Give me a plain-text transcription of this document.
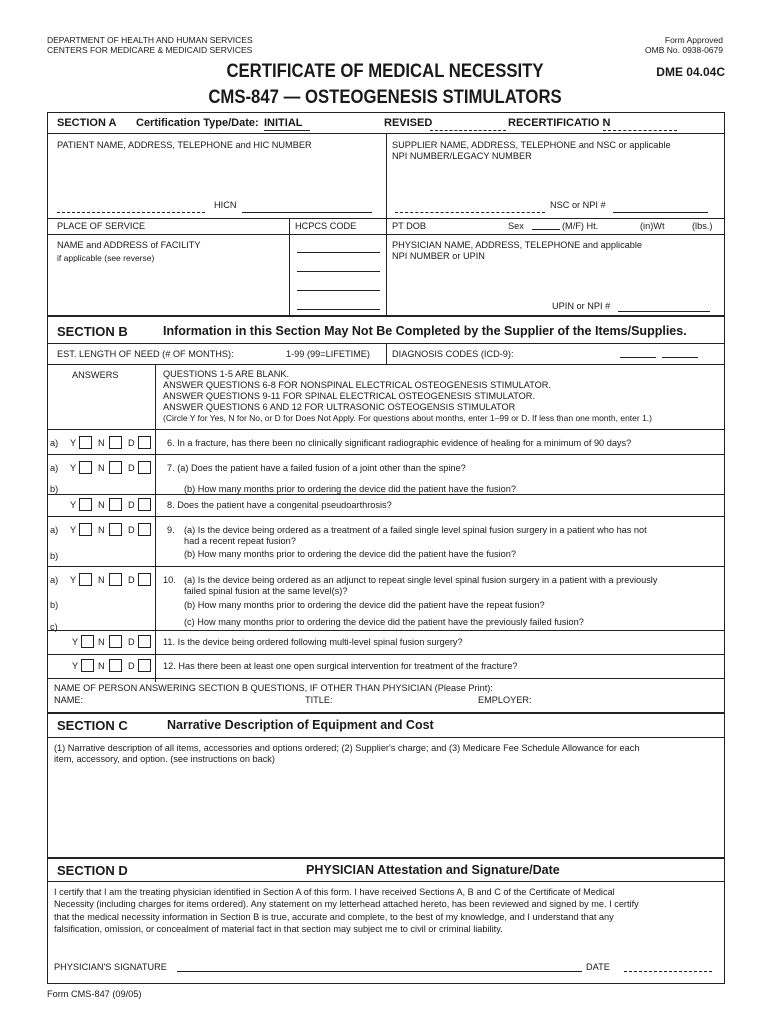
DEPARTMENT OF HEALTH AND HUMAN SERVICES
CENTERS FOR MEDICARE & MEDICAID SERVICES
Form Approved
OMB No. 0938-0679
CERTIFICATE OF MEDICAL NECESSITY
CMS-847 — OSTEOGENESIS STIMULATORS
DME 04.04C
SECTION A Certification Type/Date: INITIAL	REVISED	RECERTIFICATIO N
PATIENT NAME, ADDRESS, TELEPHONE and HIC NUMBER	SUPPLIER NAME, ADDRESS, TELEPHONE and NSC or applicable
NPI NUMBER/LEGACY NUMBER
HICN	NSC or NPI #
PLACE OF SERVICE	HCPCS CODE	PT DOB	Sex	(M/F) Ht.	(in)Wt	(lbs.)
NAME and ADDRESS of FACILITY
if applicable (see reverse)
PHYSICIAN NAME, ADDRESS, TELEPHONE and applicable
NPI NUMBER or UPIN
UPIN or NPI #
SECTION B	Information in this Section May Not Be Completed by the Supplier of the Items/Supplies.
EST. LENGTH OF NEED (# OF MONTHS):	1-99 (99=LIFETIME) DIAGNOSIS CODES (ICD-9):
ANSWERS	QUESTIONS 1-5 ARE BLANK.
ANSWER QUESTIONS 6-8 FOR NONSPINAL ELECTRICAL OSTEOGENESIS STIMULATOR.
ANSWER QUESTIONS 9-11 FOR SPINAL ELECTRICAL OSTEOGENESIS STIMULATOR.
ANSWER QUESTIONS 6 AND 12 FOR ULTRASONIC OSTEOGENSIS STIMULATOR
(Circle Y for Yes, N for No, or D for Does Not Apply. For questions about months, enter 1–99 or D. If less than one month, enter 1.)
a) Y N	D	6. In a fracture, has there been no clinically significant radiographic evidence of healing for a minimum of 90 days?
a) Y N	D	7. (a) Does the patient have a failed fusion of a joint other than the spine?
b)	(b) How many months prior to ordering the device did the patient have the fusion?
Y N	D	8. Does the patient have a congenital pseudoarthrosis?
a) Y N	D	9. (a) Is the device being ordered as a treatment of a failed single level spinal fusion surgery in a patient who has not
had a recent repeat fusion?
b)	(b) How many months prior to ordering the device did the patient have the fusion?
a) Y N	D	10. (a) Is the device being ordered as an adjunct to repeat single level spinal fusion surgery in a patient with a previously
failed spinal fusion at the same level(s)?
b)	(b) How many months prior to ordering the device did the patient have the repeat fusion?
c)	(c) How many months prior to ordering the device did the patient have the previously failed fusion?
Y N	D	11. Is the device being ordered following multi-level spinal fusion surgery?
Y N	D	12. Has there been at least one open surgical intervention for treatment of the fracture?
NAME OF PERSON ANSWERING SECTION B QUESTIONS, IF OTHER THAN PHYSICIAN (Please Print):
NAME:	TITLE:	EMPLOYER:
SECTION C	Narrative Description of Equipment and Cost
(1) Narrative description of all items, accessories and options ordered; (2) Supplier's charge; and (3) Medicare Fee Schedule Allowance for each
item, accessory, and option. (see instructions on back)
SECTION D	PHYSICIAN Attestation and Signature/Date
I certify that I am the treating physician identified in Section A of this form. I have received Sections A, B and C of the Certificate of Medical
Necessity (including charges for items ordered). Any statement on my letterhead attached hereto, has been reviewed and signed by me. I certify
that the medical necessity information in Section B is true, accurate and complete, to the best of my knowledge, and I understand that any
falsification, omission, or concealment of material fact in that section may subject me to civil or criminal liability.
PHYSICIAN'S SIGNATURE	DATE
Form CMS-847 (09/05)
